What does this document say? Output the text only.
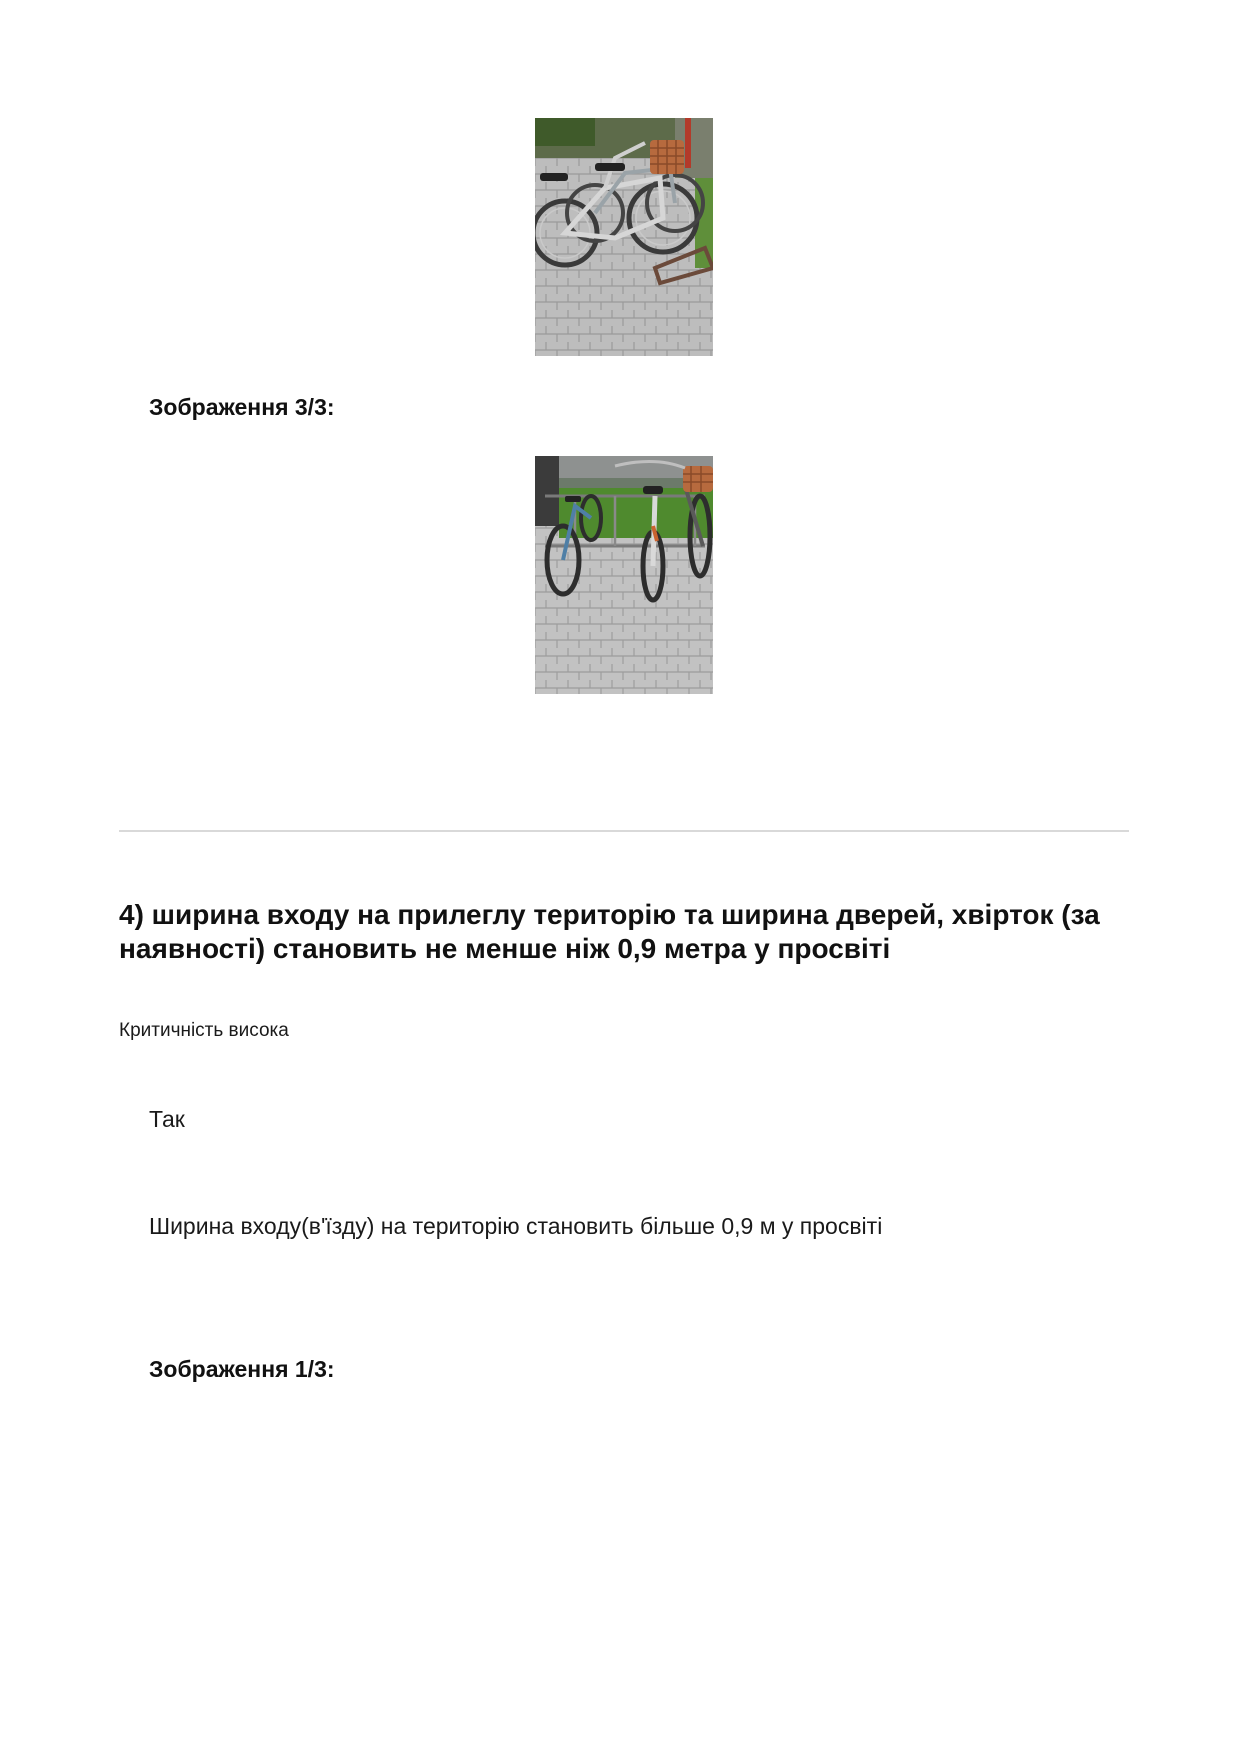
Зображення 3/3:
4) ширина входу на прилеглу територію та ширина дверей, хвірток (за наявності) становить не менше ніж 0,9 метра у просвіті
Критичність висока
Так
Ширина входу(в'їзду) на територію становить більше 0,9 м у просвіті
Зображення 1/3:
